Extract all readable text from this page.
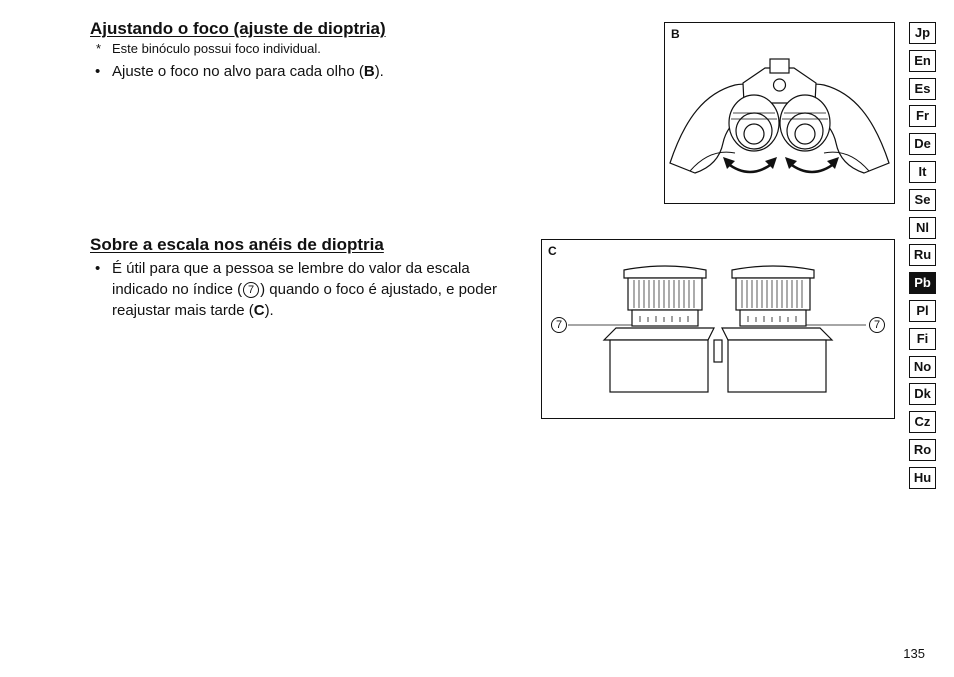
Ajustando o foco (ajuste de dioptria)
* Este binóculo possui foco individual.
• Ajuste o foco no alvo para cada olho (B).
B
Sobre a escala nos anéis de dioptria
• É útil para que a pessoa se lembre do valor da escala indicado no índice ( 7 ) quando o foco é ajustado, e poder reajustar mais tarde (C).
C
7	7
Jp
En
Es
Fr
De
It
Se
Nl
Ru
Pb
Pl
Fi
No
Dk
Cz
Ro
Hu
135
